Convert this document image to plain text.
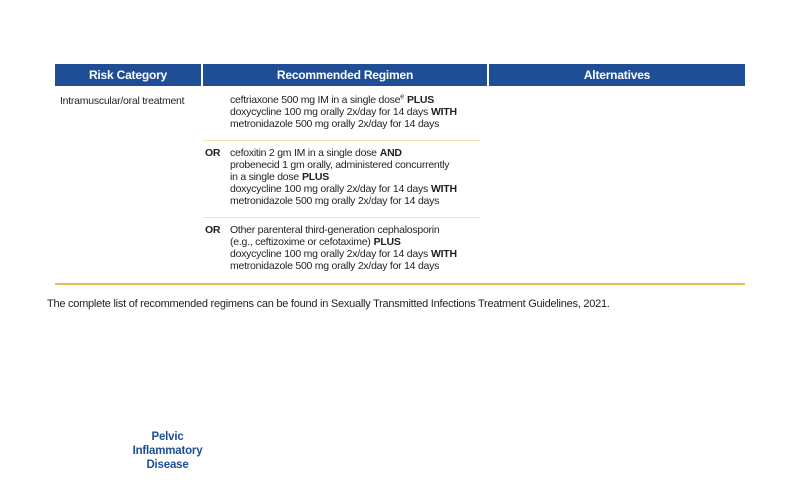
Risk Category	Recommended Regimen	Alternatives
Intramuscular/oral treatment	ceftriaxone 500 mg IM in a single dose$^e$ PLUS
doxycycline 100 mg orally 2x/day for 14 days WITH
metronidazole 500 mg orally 2x/day for 14 days
OR cefoxitin 2 gm IM in a single dose AND
probenecid 1 gm orally, administered concurrently
in a single dose PLUS
doxycycline 100 mg orally 2x/day for 14 days WITH
metronidazole 500 mg orally 2x/day for 14 days
OR Other parenteral third-generation cephalosporin
(e.g., ceftizoxime or cefotaxime) PLUS
doxycycline 100 mg orally 2x/day for 14 days WITH
metronidazole 500 mg orally 2x/day for 14 days
The complete list of recommended regimens can be found in Sexually Transmitted Infections Treatment Guidelines, 2021.
Pelvic
Inflammatory
Disease
